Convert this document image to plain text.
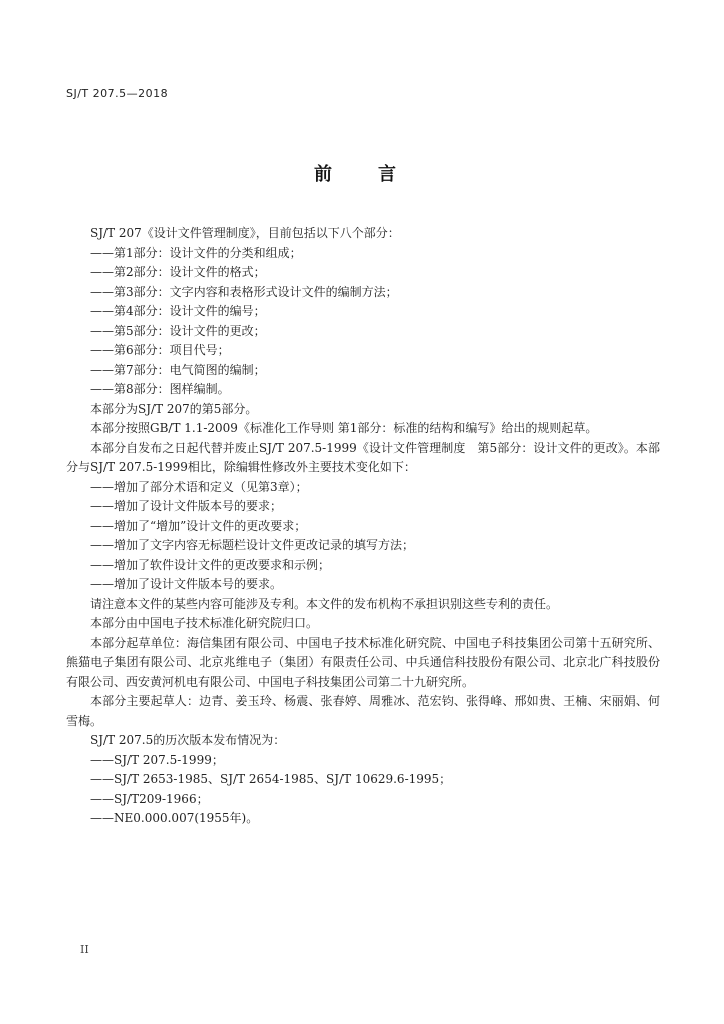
SJ/T 207.5—2018
前　言

SJ/T 207《设计文件管理制度》，目前包括以下八个部分：

——第1部分：设计文件的分类和组成；

——第2部分：设计文件的格式；

——第3部分：文字内容和表格形式设计文件的编制方法；

——第4部分：设计文件的编号；

——第5部分：设计文件的更改；

——第6部分：项目代号；

——第7部分：电气简图的编制；

——第8部分：图样编制。

本部分为SJ/T 207的第5部分。

本部分按照GB/T 1.1-2009《标准化工作导则 第1部分：标准的结构和编写》给出的规则起草。

本部分自发布之日起代替并废止SJ/T 207.5-1999《设计文件管理制度　第5部分：设计文件的更改》。本部分与SJ/T 207.5-1999相比，除编辑性修改外主要技术变化如下：

——增加了部分术语和定义（见第3章）；

——增加了设计文件版本号的要求；

——增加了“增加”设计文件的更改要求；

——增加了文字内容无标题栏设计文件更改记录的填写方法；

——增加了软件设计文件的更改要求和示例；

——增加了设计文件版本号的要求。

请注意本文件的某些内容可能涉及专利。本文件的发布机构不承担识别这些专利的责任。

本部分由中国电子技术标准化研究院归口。

本部分起草单位：海信集团有限公司、中国电子技术标准化研究院、中国电子科技集团公司第十五研究所、熊猫电子集团有限公司、北京兆维电子（集团）有限责任公司、中兵通信科技股份有限公司、北京北广科技股份有限公司、西安黄河机电有限公司、中国电子科技集团公司第二十九研究所。

本部分主要起草人：边青、姜玉玲、杨震、张春婷、周雅冰、范宏钧、张得峰、邢如贵、王楠、宋丽娟、何雪梅。

SJ/T 207.5的历次版本发布情况为：

——SJ/T 207.5-1999；

——SJ/T 2653-1985、SJ/T 2654-1985、SJ/T 10629.6-1995；

——SJ/T209-1966；

——NE0.000.007(1955年)。

II
